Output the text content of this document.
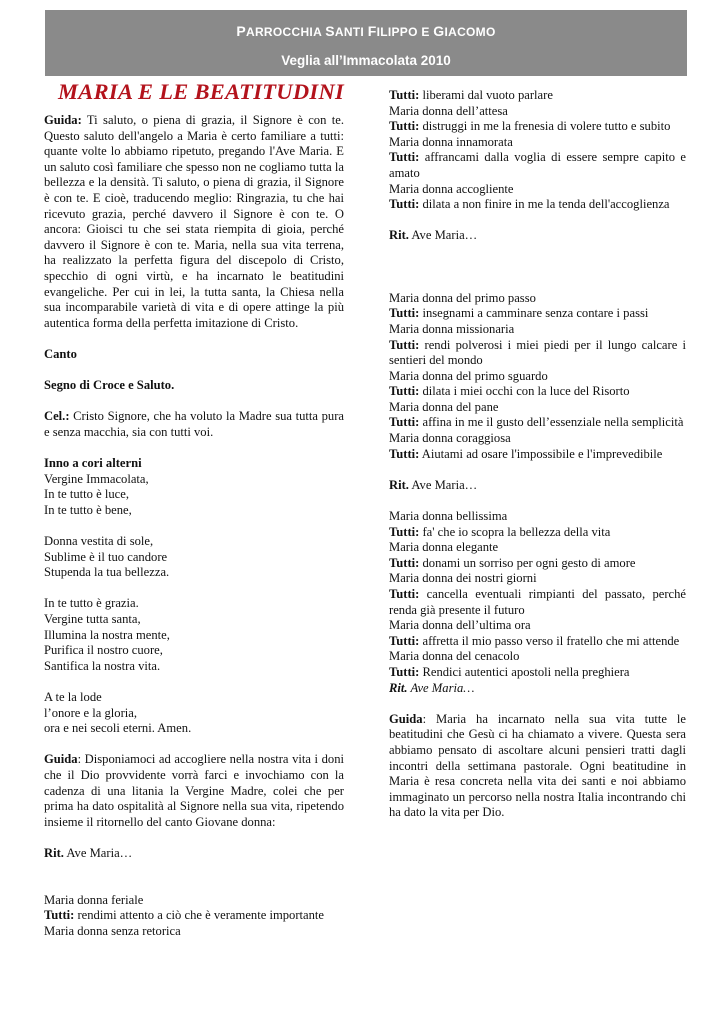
PARROCCHIA SANTI FILIPPO E GIACOMO
Veglia all’Immacolata 2010
MARIA E LE BEATITUDINI

Guida: Ti saluto, o piena di grazia, il Signore è con te. Questo saluto dell'angelo a Maria è certo familiare a tutti: quante volte lo abbiamo ripetuto, pregando l'Ave Maria. E un saluto così familiare che spesso non ne cogliamo tutta la bellezza e la densità. Ti saluto, o piena di grazia, il Signore è con te. E cioè, traducendo meglio: Ringrazia, tu che hai ricevuto grazia, perché davvero il Signore è con te. O ancora: Gioisci tu che sei stata riempita di gioia, perché davvero il Signore è con te. Maria, nella sua vita terrena, ha realizzato la perfetta figura del discepolo di Cristo, specchio di ogni virtù, e ha incarnato le beatitudini evangeliche. Per cui in lei, la tutta santa, la Chiesa nella sua incomparabile varietà di vita e di opere attinge la più autentica forma della perfetta imitazione di Cristo.

Canto

Segno di Croce e Saluto.

Cel.: Cristo Signore, che ha voluto la Madre sua tutta pura e senza macchia, sia con tutti voi.

Inno a cori alterni

Vergine Immacolata,

In te tutto è luce,

In te tutto è bene,

Donna vestita di sole,

Sublime è il tuo candore

Stupenda la tua bellezza.

In te tutto è grazia.

Vergine tutta santa,

Illumina la nostra mente,

Purifica il nostro cuore,

Santifica la nostra vita.

A te la lode

l’onore e la gloria,

ora e nei secoli eterni. Amen.

Guida: Disponiamoci ad accogliere nella nostra vita i doni che il Dio provvidente vorrà farci e invochiamo con la cadenza di una litania la Vergine Madre, colei che per prima ha dato ospitalità al Signore nella sua vita, ripetendo insieme il ritornello del canto Giovane donna:

Rit. Ave Maria…

Maria donna feriale

Tutti: rendimi attento a ciò che è veramente importante

Maria donna senza retorica

Tutti: liberami dal vuoto parlare

Maria donna dell’attesa

Tutti: distruggi in me la frenesia di volere tutto e subito

Maria donna innamorata

Tutti: affrancami dalla voglia di essere sempre capito e amato

Maria donna accogliente

Tutti: dilata a non finire in me la tenda dell'accoglienza

Rit. Ave Maria…

Maria donna del primo passo

Tutti: insegnami a camminare senza contare i passi

Maria donna missionaria

Tutti: rendi polverosi i miei piedi per il lungo calcare i sentieri del mondo

Maria donna del primo sguardo

Tutti: dilata i miei occhi con la luce del Risorto

Maria donna del pane

Tutti: affina in me il gusto dell’essenziale nella semplicità

Maria donna coraggiosa

Tutti: Aiutami ad osare l'impossibile e l'imprevedibile

Rit. Ave Maria…

Maria donna bellissima

Tutti: fa' che io scopra la bellezza della vita

Maria donna elegante

Tutti: donami un sorriso per ogni gesto di amore

Maria donna dei nostri giorni

Tutti: cancella eventuali rimpianti del passato, perché renda già presente il futuro

Maria donna dell’ultima ora

Tutti: affretta il mio passo verso il fratello che mi attende

Maria donna del cenacolo

Tutti: Rendici autentici apostoli nella preghiera

Rit. Ave Maria…

Guida: Maria ha incarnato nella sua vita tutte le beatitudini che Gesù ci ha chiamato a vivere. Questa sera abbiamo pensato di ascoltare alcuni pensieri tratti dagli incontri della settimana pastorale. Ogni beatitudine in Maria è resa concreta nella vita dei santi e noi abbiamo immaginato un percorso nella nostra Italia incontrando chi ha dato la vita per Dio.
